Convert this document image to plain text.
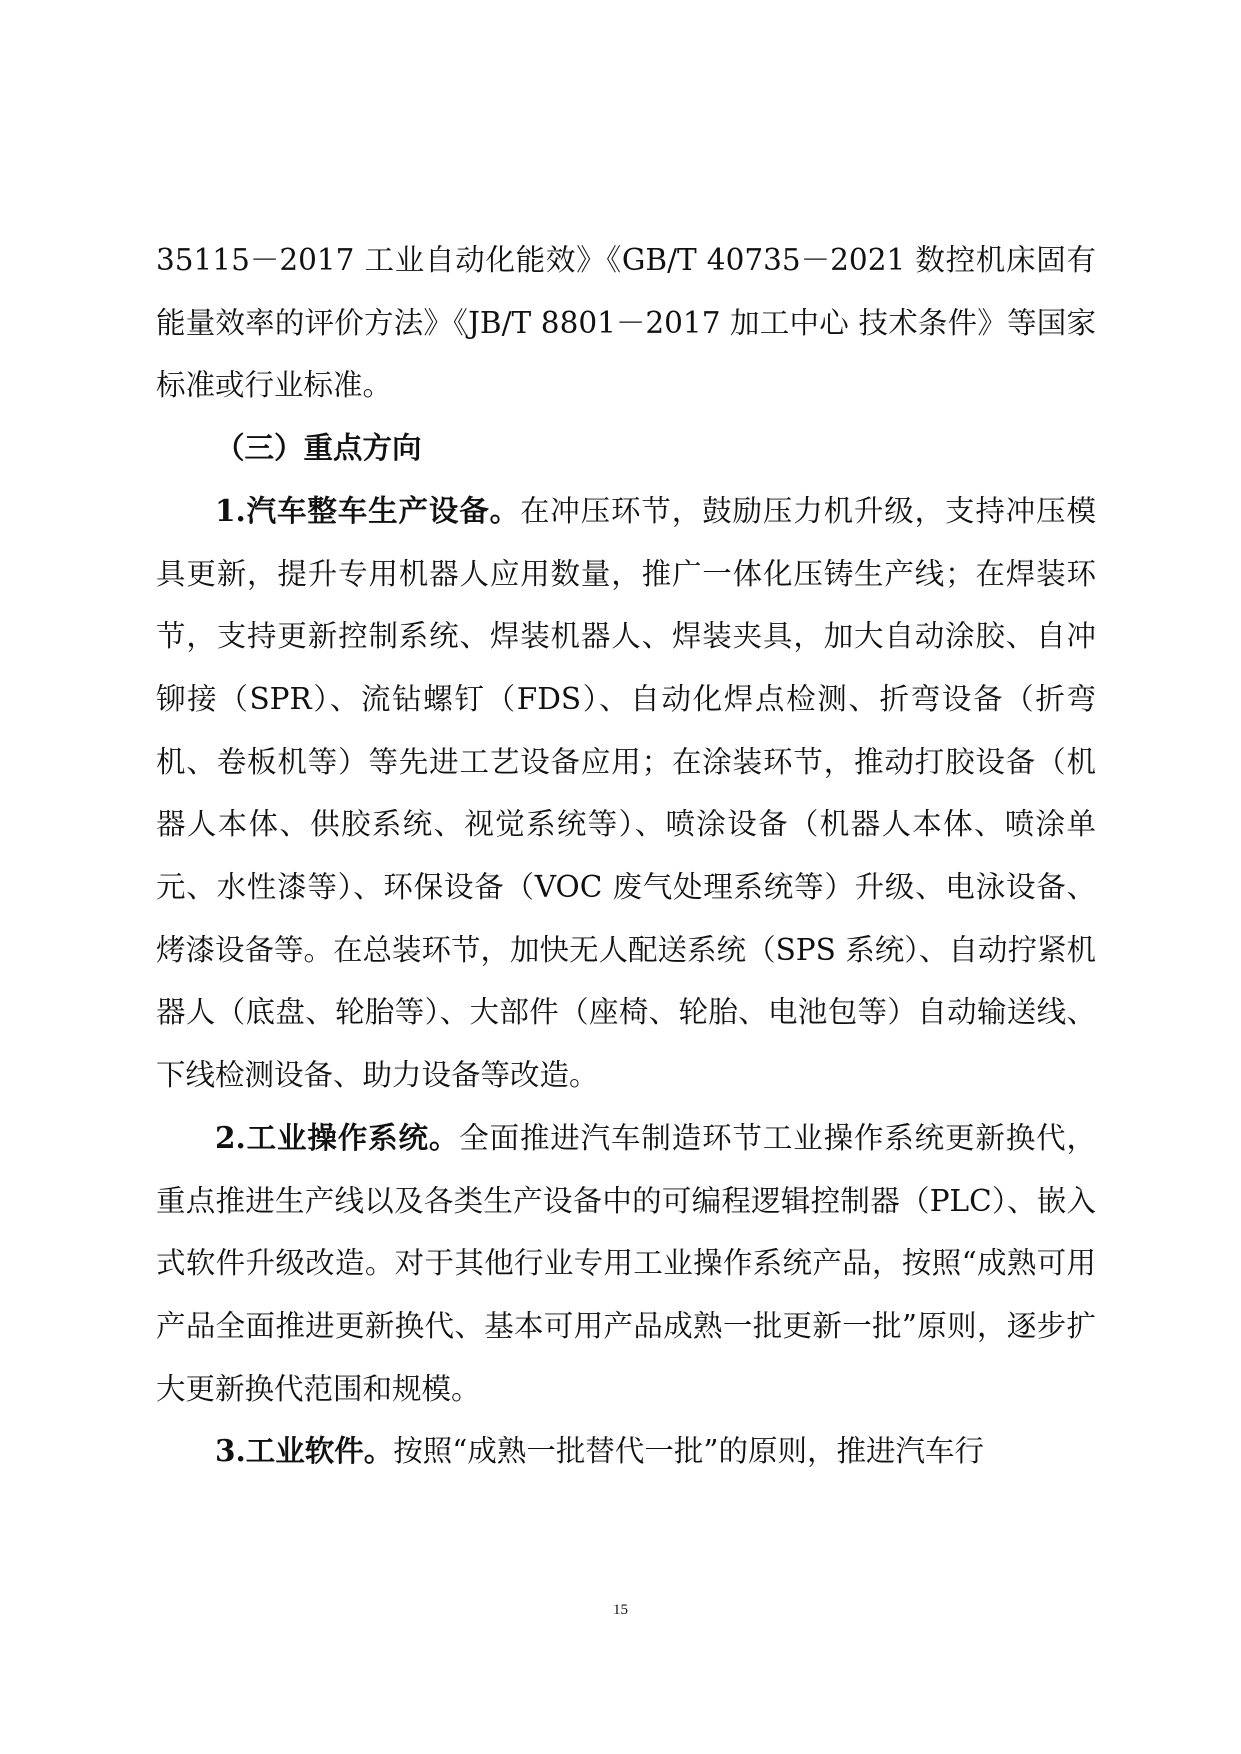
35115－2017 工业自动化能效》《GB/T 40735－2021 数控机床固有能量效率的评价方法》《JB/T 8801－2017 加工中心 技术条件》等国家标准或行业标准。

（三）重点方向

1.汽车整车生产设备。在冲压环节，鼓励压力机升级，支持冲压模具更新，提升专用机器人应用数量，推广一体化压铸生产线；在焊装环节，支持更新控制系统、焊装机器人、焊装夹具，加大自动涂胶、自冲铆接（SPR）、流钻螺钉（FDS）、自动化焊点检测、折弯设备（折弯机、卷板机等）等先进工艺设备应用；在涂装环节，推动打胶设备（机器人本体、供胶系统、视觉系统等）、喷涂设备（机器人本体、喷涂单元、水性漆等）、环保设备（VOC 废气处理系统等）升级、电泳设备、烤漆设备等。在总装环节，加快无人配送系统（SPS 系统）、自动拧紧机器人（底盘、轮胎等）、大部件（座椅、轮胎、电池包等）自动输送线、下线检测设备、助力设备等改造。

2.工业操作系统。全面推进汽车制造环节工业操作系统更新换代，重点推进生产线以及各类生产设备中的可编程逻辑控制器（PLC）、嵌入式软件升级改造。对于其他行业专用工业操作系统产品，按照“成熟可用产品全面推进更新换代、基本可用产品成熟一批更新一批”原则，逐步扩大更新换代范围和规模。

3.工业软件。按照“成熟一批替代一批”的原则，推进汽车行

15
